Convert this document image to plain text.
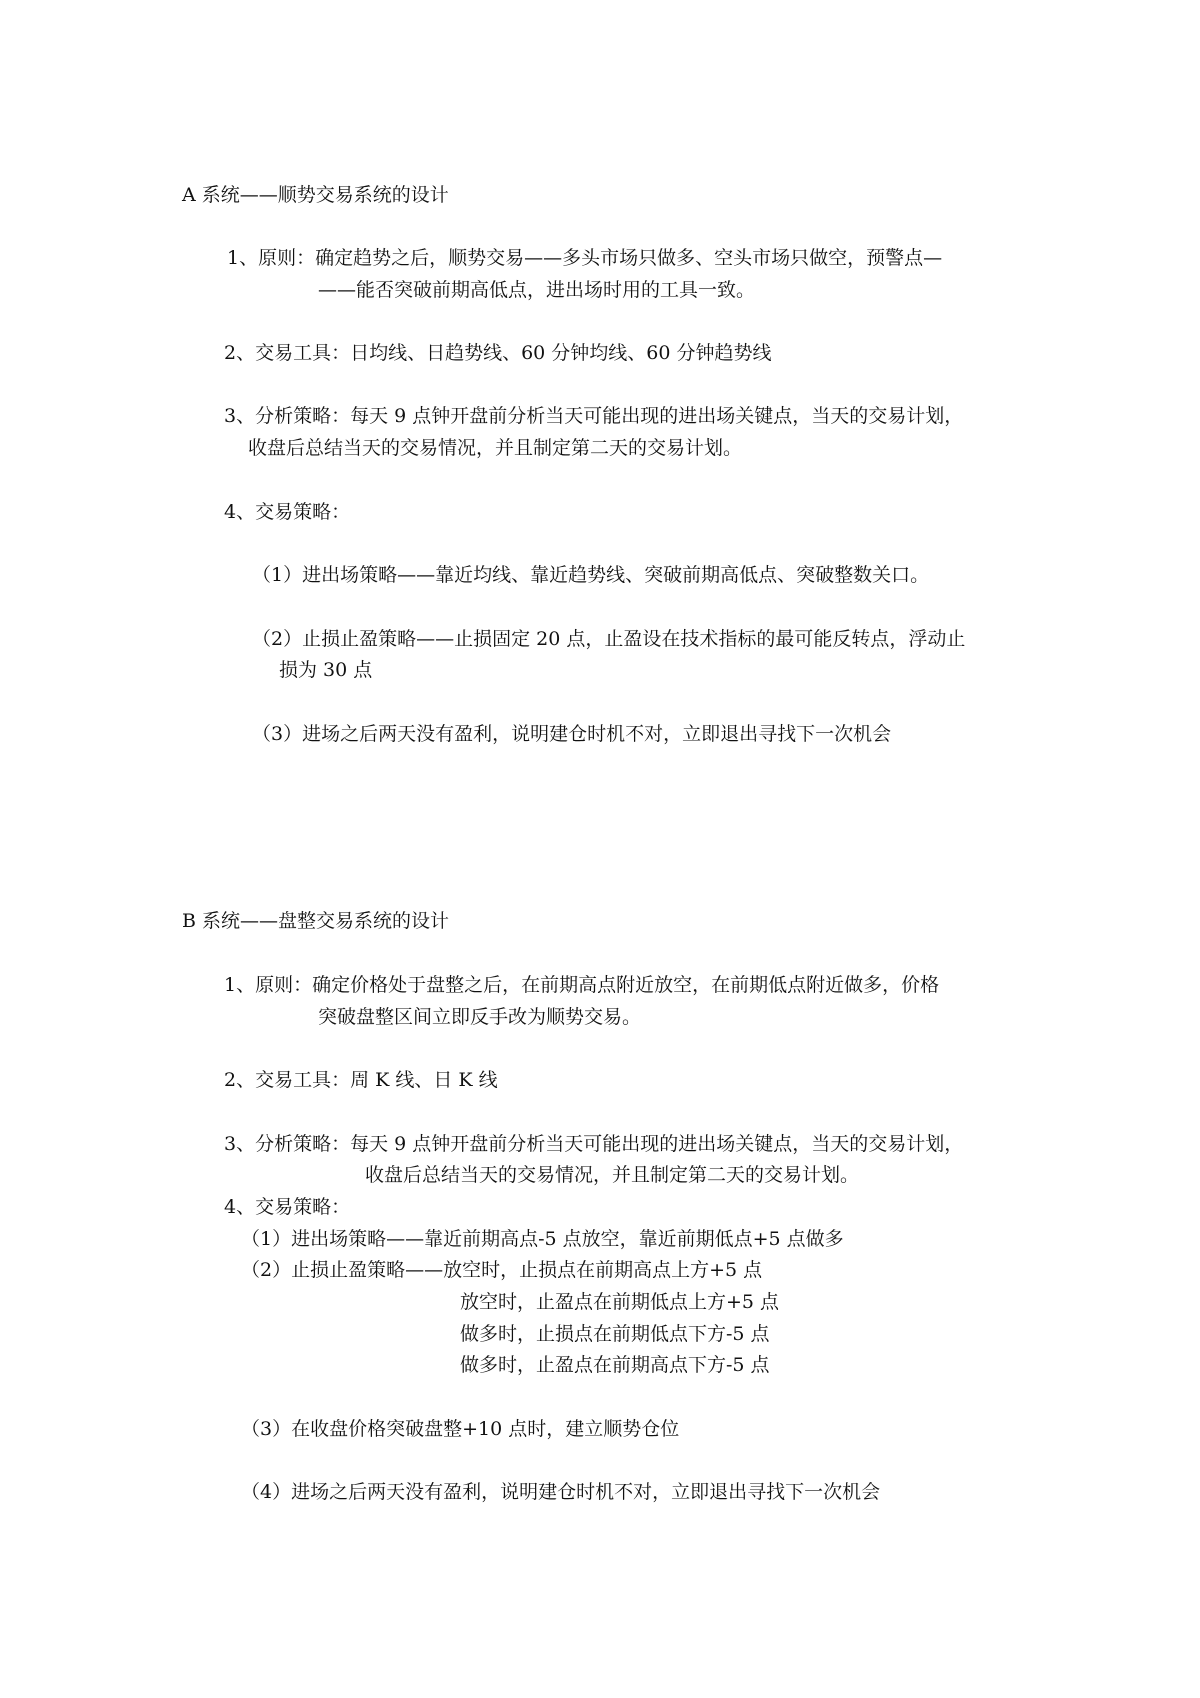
A 系统——顺势交易系统的设计
1、原则：确定趋势之后，顺势交易——多头市场只做多、空头市场只做空，预警点—
——能否突破前期高低点，进出场时用的工具一致。
2、交易工具：日均线、日趋势线、60 分钟均线、60 分钟趋势线
3、分析策略：每天 9 点钟开盘前分析当天可能出现的进出场关键点，当天的交易计划，
收盘后总结当天的交易情况，并且制定第二天的交易计划。
4、交易策略：
（1）进出场策略——靠近均线、靠近趋势线、突破前期高低点、突破整数关口。
（2）止损止盈策略——止损固定 20 点，止盈设在技术指标的最可能反转点，浮动止
损为 30 点
（3）进场之后两天没有盈利，说明建仓时机不对，立即退出寻找下一次机会
B 系统——盘整交易系统的设计
1、原则：确定价格处于盘整之后，在前期高点附近放空，在前期低点附近做多，价格
突破盘整区间立即反手改为顺势交易。
2、交易工具：周 K 线、日 K 线
3、分析策略：每天 9 点钟开盘前分析当天可能出现的进出场关键点，当天的交易计划，
收盘后总结当天的交易情况，并且制定第二天的交易计划。
4、交易策略：
（1）进出场策略——靠近前期高点-5 点放空，靠近前期低点+5 点做多
（2）止损止盈策略——放空时，止损点在前期高点上方+5 点
放空时，止盈点在前期低点上方+5 点
做多时，止损点在前期低点下方-5 点
做多时，止盈点在前期高点下方-5 点
（3）在收盘价格突破盘整+10 点时，建立顺势仓位
（4）进场之后两天没有盈利，说明建仓时机不对，立即退出寻找下一次机会
